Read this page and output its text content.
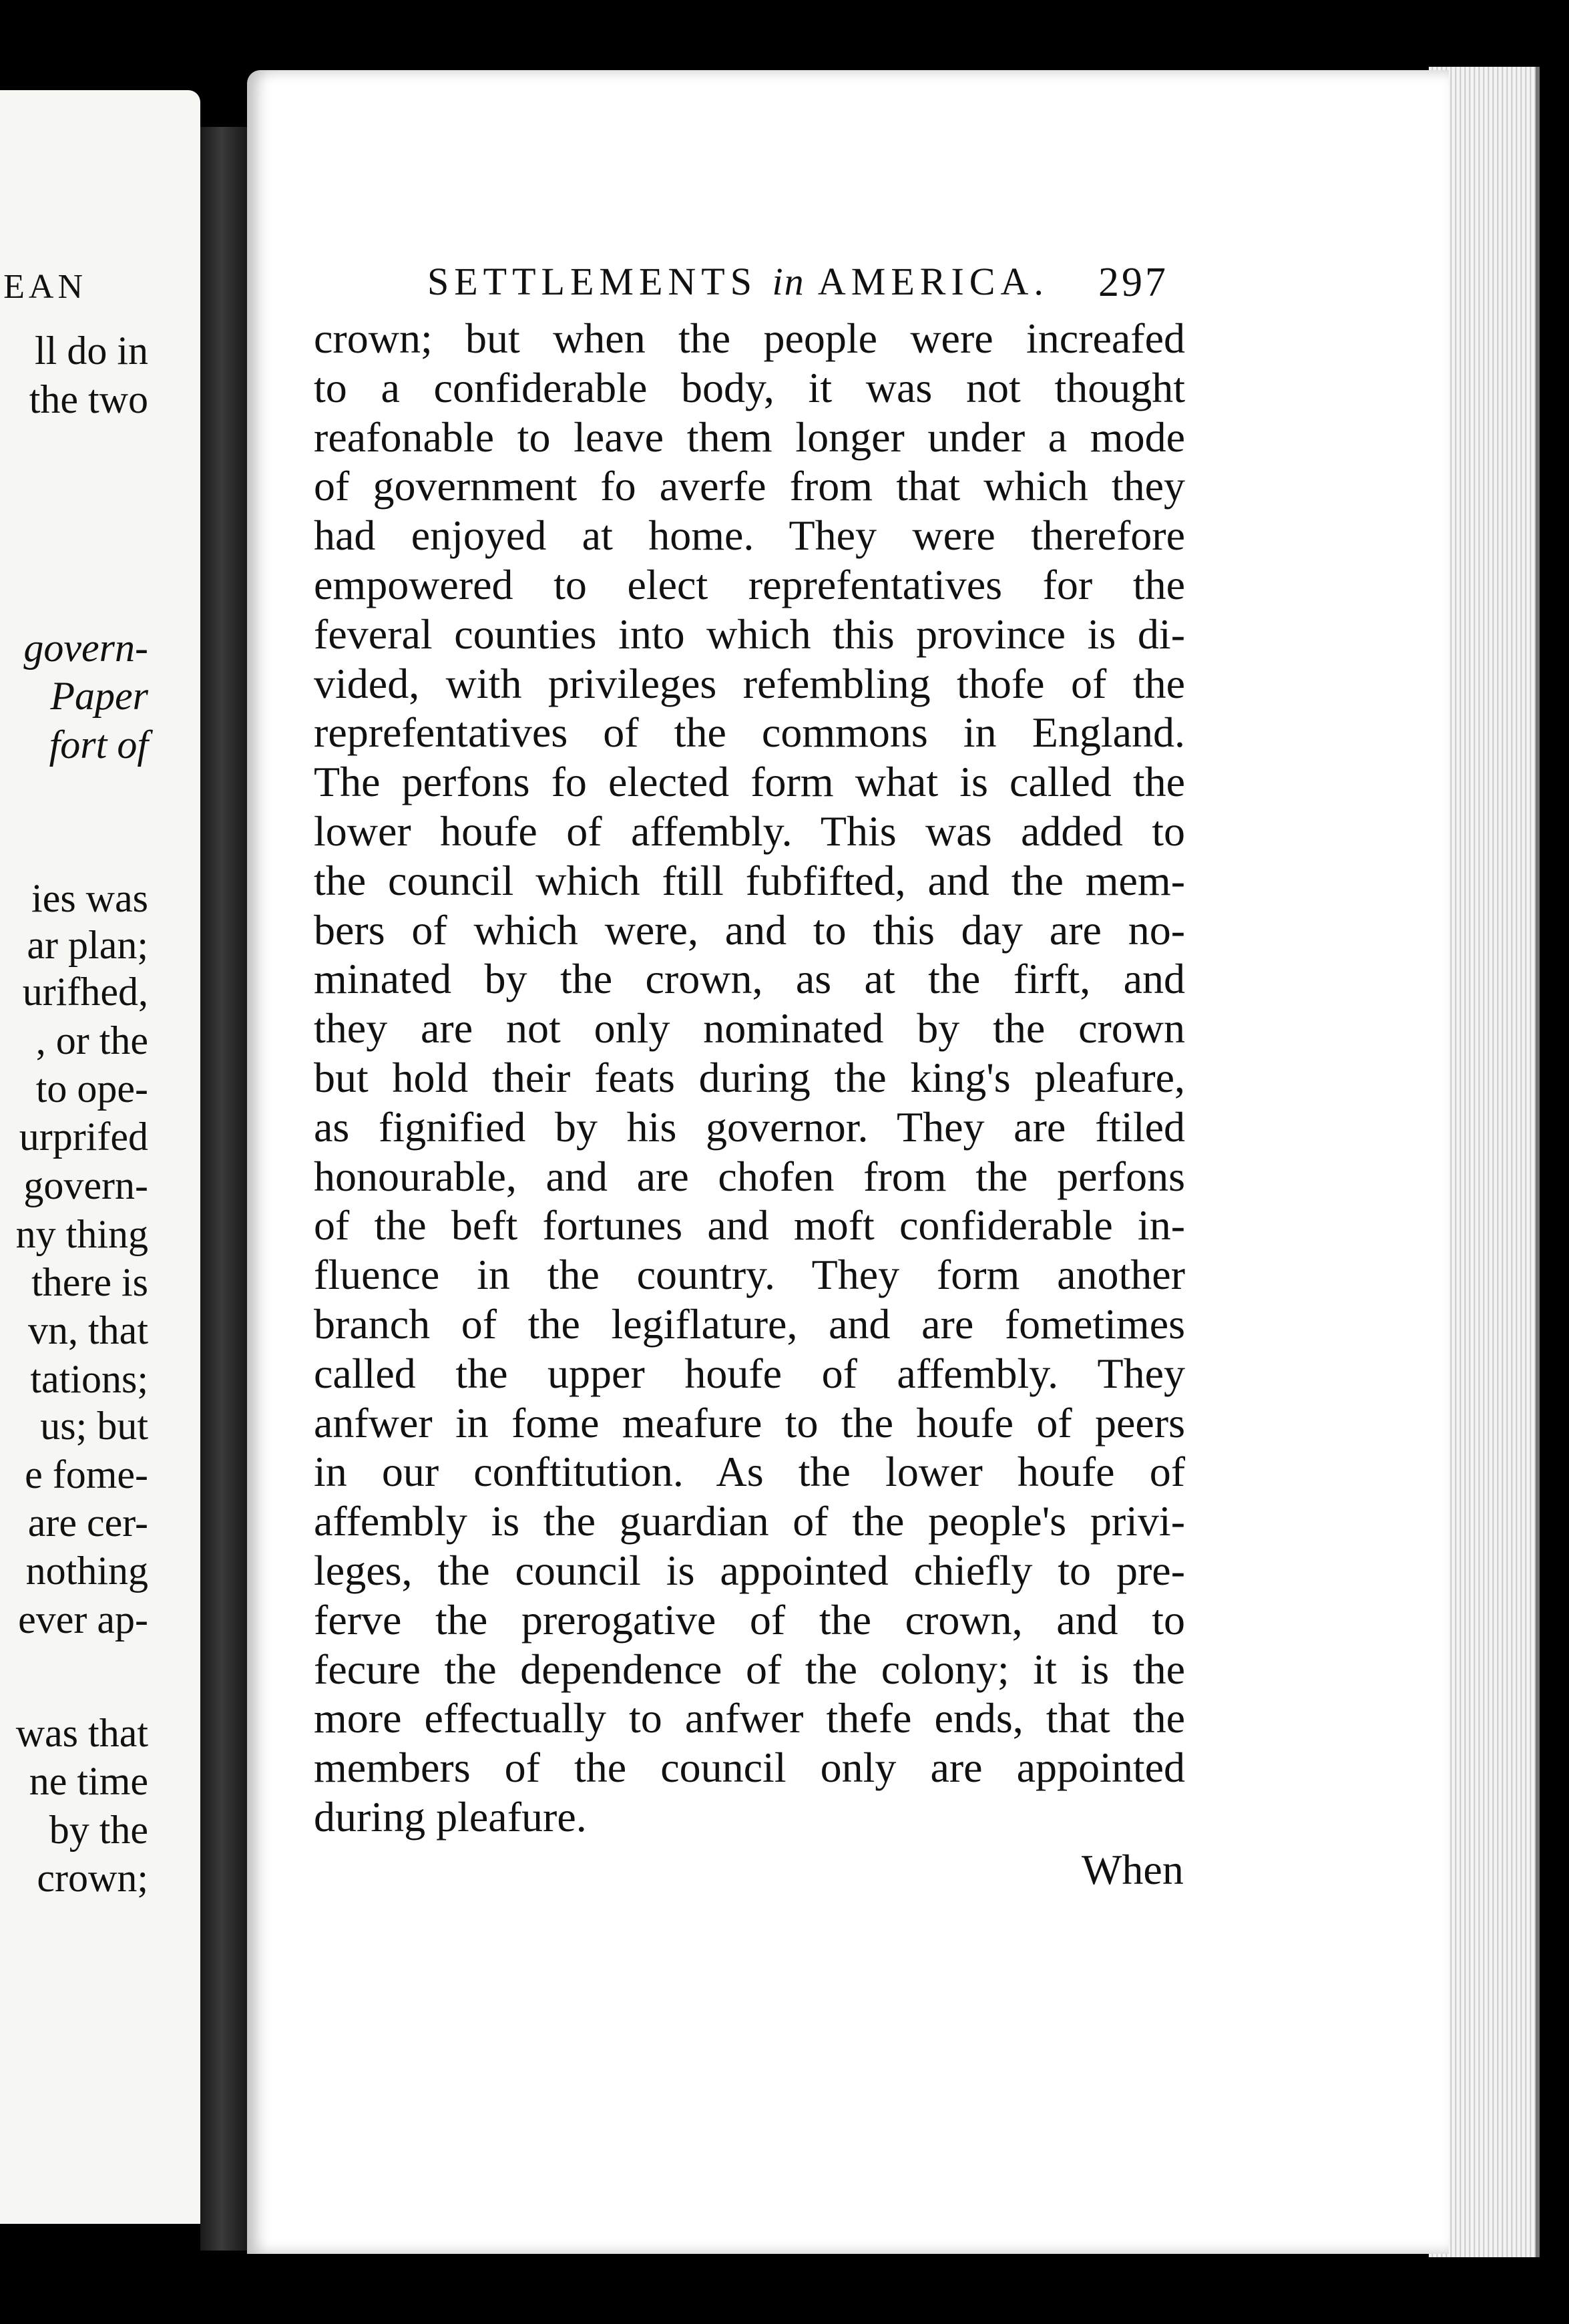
EAN
ll do in
the two
govern-
Paper
fort of
ies was
ar plan;
urifhed,
, or the
to ope-
urprifed
govern-
ny thing
there is
vn, that
tations;
us; but
e fome-
are cer-
nothing
ever ap-
was that
ne time
by the
crown;
SETTLEMENTS in AMERICA. 297
crown; but when the people were increafed
to a confiderable body, it was not thought
reafonable to leave them longer under a mode
of government fo averfe from that which they
had enjoyed at home. They were therefore
empowered to elect reprefentatives for the
feveral counties into which this province is di-
vided, with privileges refembling thofe of the
reprefentatives of the commons in England.
The perfons fo elected form what is called the
lower houfe of affembly. This was added to
the council which ftill fubfifted, and the mem-
bers of which were, and to this day are no-
minated by the crown, as at the firft, and
they are not only nominated by the crown
but hold their feats during the king's pleafure,
as fignified by his governor. They are ftiled
honourable, and are chofen from the perfons
of the beft fortunes and moft confiderable in-
fluence in the country. They form another
branch of the legiflature, and are fometimes
called the upper houfe of affembly. They
anfwer in fome meafure to the houfe of peers
in our conftitution. As the lower houfe of
affembly is the guardian of the people's privi-
leges, the council is appointed chiefly to pre-
ferve the prerogative of the crown, and to
fecure the dependence of the colony; it is the
more effectually to anfwer thefe ends, that the
members of the council only are appointed
during pleafure.
When
